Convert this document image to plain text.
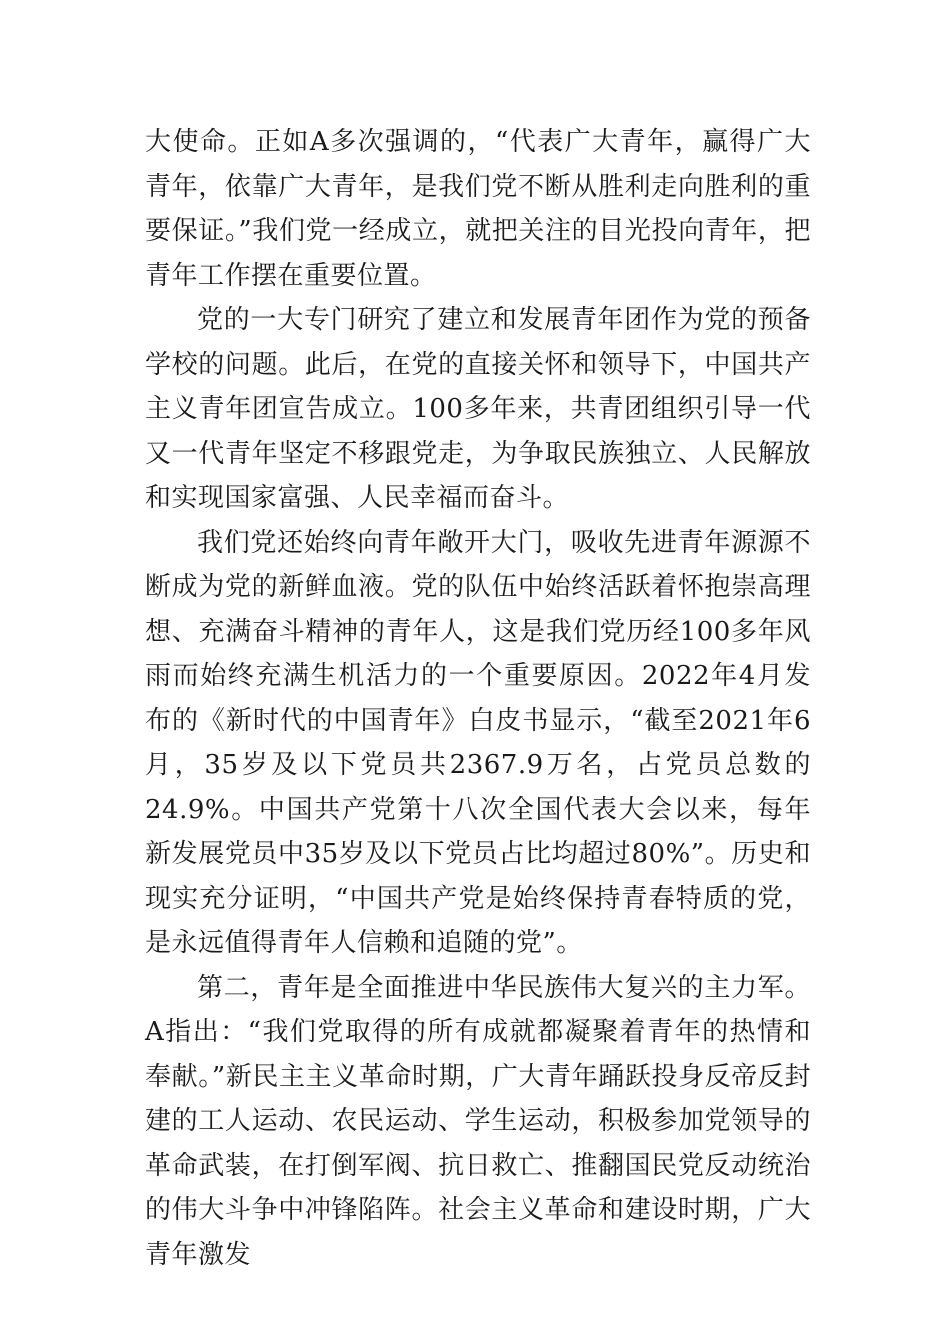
大使命。正如A多次强调的，“代表广大青年，赢得广大青年，依靠广大青年，是我们党不断从胜利走向胜利的重要保证。”我们党一经成立，就把关注的目光投向青年，把青年工作摆在重要位置。

党的一大专门研究了建立和发展青年团作为党的预备学校的问题。此后，在党的直接关怀和领导下，中国共产主义青年团宣告成立。100多年来，共青团组织引导一代又一代青年坚定不移跟党走，为争取民族独立、人民解放和实现国家富强、人民幸福而奋斗。

我们党还始终向青年敞开大门，吸收先进青年源源不断成为党的新鲜血液。党的队伍中始终活跃着怀抱崇高理想、充满奋斗精神的青年人，这是我们党历经100多年风雨而始终充满生机活力的一个重要原因。2022年4月发布的《新时代的中国青年》白皮书显示，“截至2021年6月，35岁及以下党员共2367.9万名，占党员总数的24.9%。中国共产党第十八次全国代表大会以来，每年新发展党员中35岁及以下党员占比均超过80%”。历史和现实充分证明，“中国共产党是始终保持青春特质的党，是永远值得青年人信赖和追随的党”。

第二，青年是全面推进中华民族伟大复兴的主力军。A指出：“我们党取得的所有成就都凝聚着青年的热情和奉献。”新民主主义革命时期，广大青年踊跃投身反帝反封建的工人运动、农民运动、学生运动，积极参加党领导的革命武装，在打倒军阀、抗日救亡、推翻国民党反动统治的伟大斗争中冲锋陷阵。社会主义革命和建设时期，广大青年激发
